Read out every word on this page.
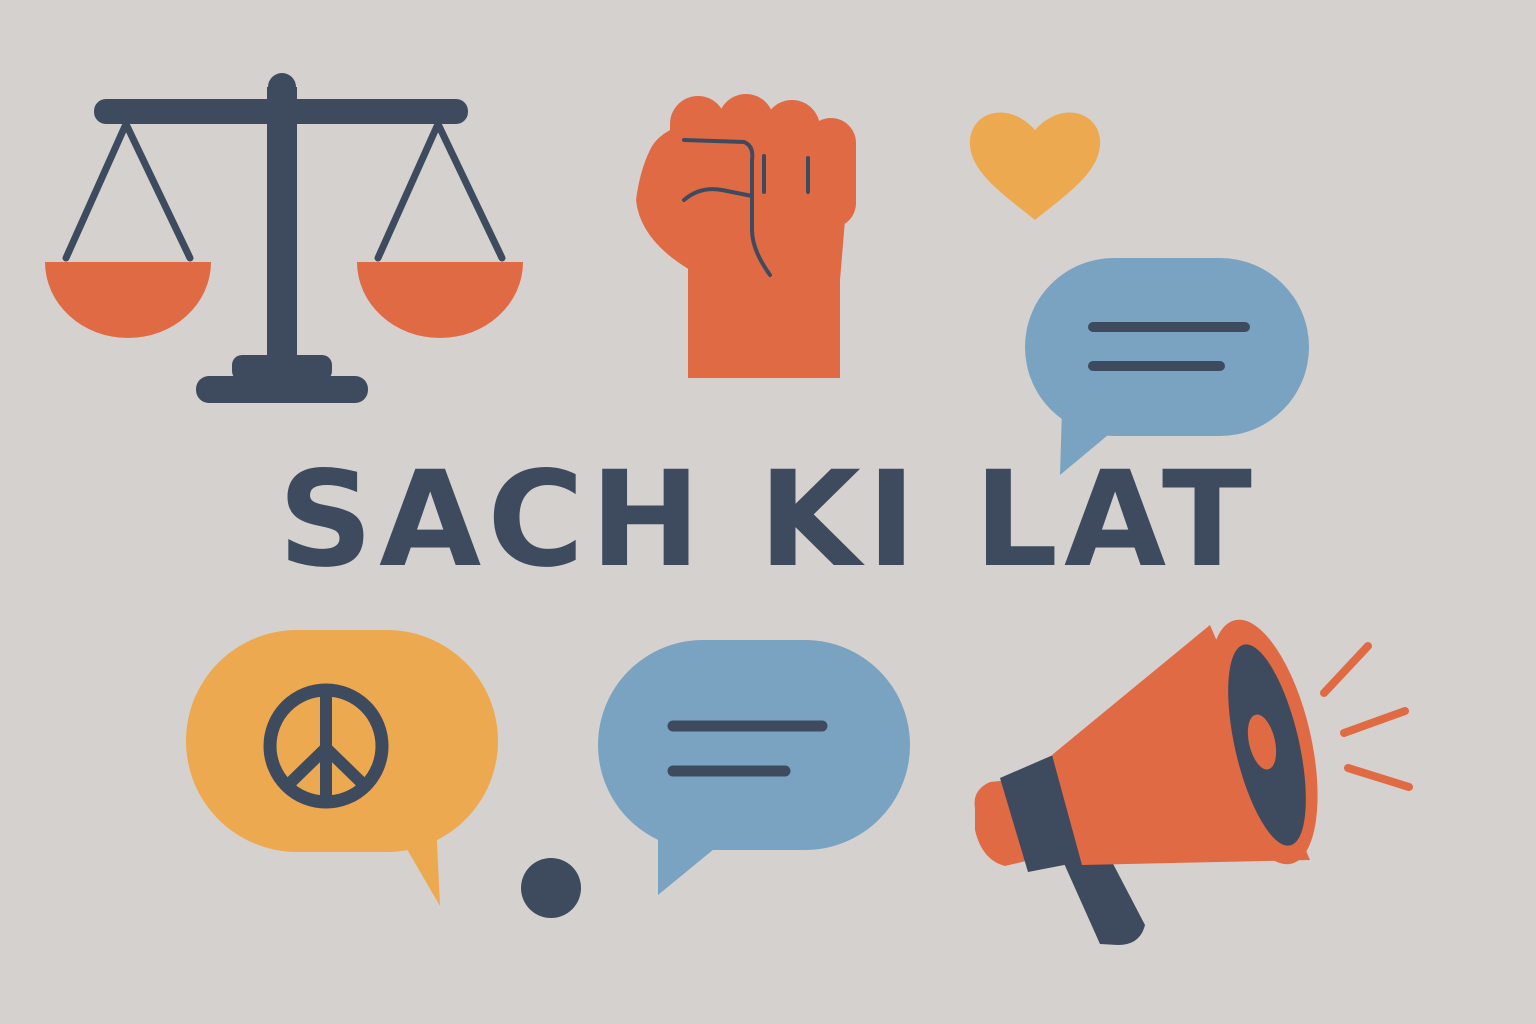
SACH KI LAT
